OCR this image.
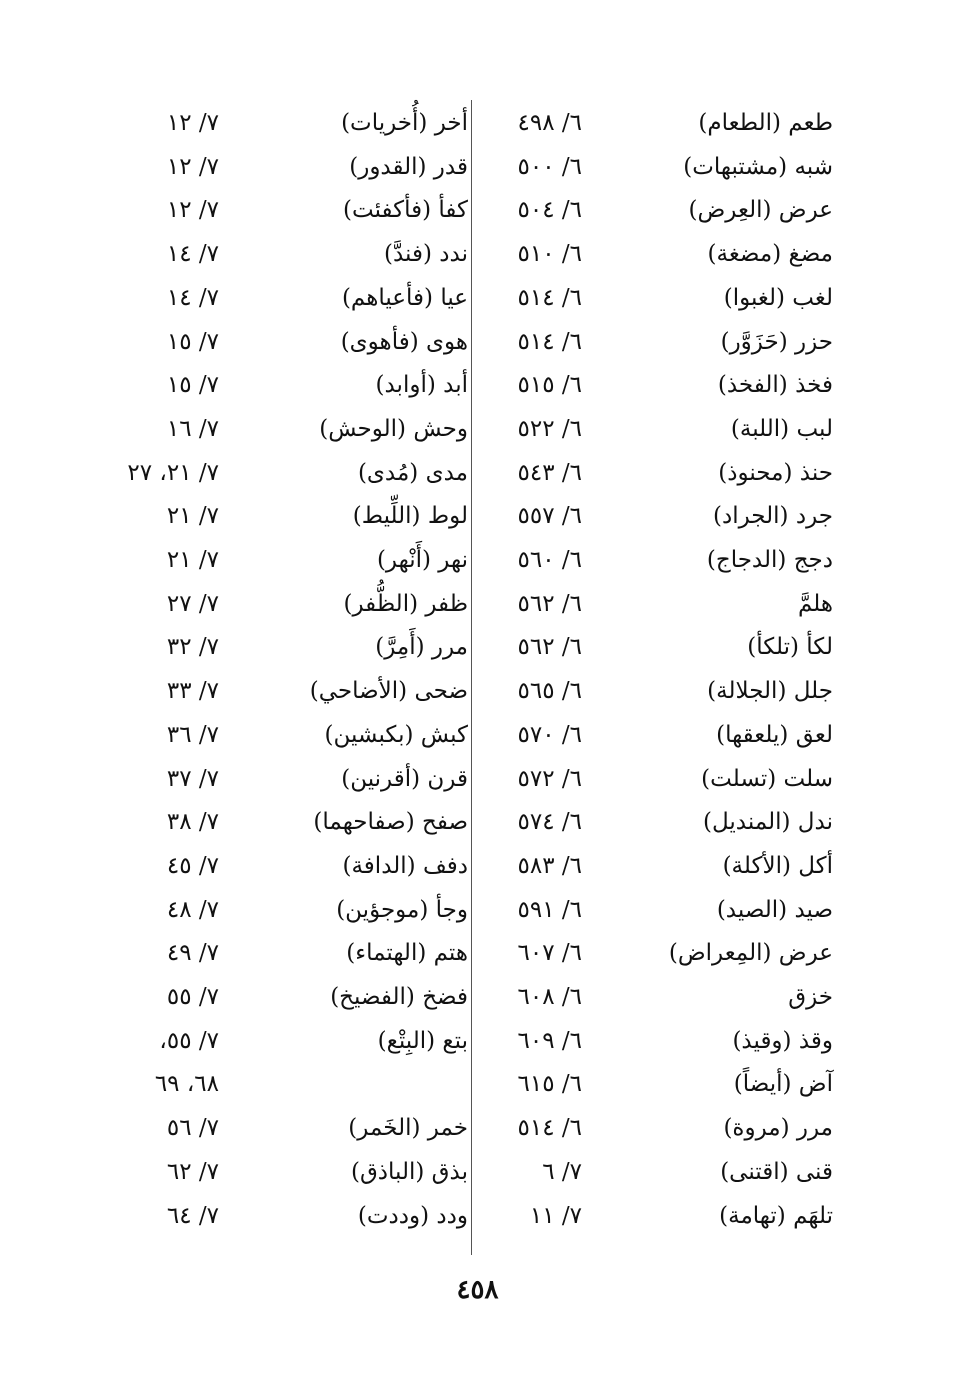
طعم (الطعام)
٦/ ٤٩٨
أخر (أُخريات)
٧/ ١٢
شبه (مشتبهات)
٦/ ٥٠٠
قدر (القدور)
٧/ ١٢
عرض (العِرض)
٦/ ٥٠٤
كفأ (فأكفئت)
٧/ ١٢
مضغ (مضغة)
٦/ ٥١٠
ندد (فندَّ)
٧/ ١٤
لغب (لغبوا)
٦/ ٥١٤
عيا (فأعياهم)
٧/ ١٤
حزر (حَزَوَّر)
٦/ ٥١٤
هوى (فأهوى)
٧/ ١٥
فخذ (الفخذ)
٦/ ٥١٥
أبد (أوابد)
٧/ ١٥
لبب (اللبة)
٦/ ٥٢٢
وحش (الوحش)
٧/ ١٦
حنذ (محنوذ)
٦/ ٥٤٣
مدى (مُدى)
٧/ ٢١، ٢٧
جرد (الجراد)
٦/ ٥٥٧
لوط (اللِّيط)
٧/ ٢١
دجج (الدجاج)
٦/ ٥٦٠
نهر (أَنْهر)
٧/ ٢١
هلمَّ
٦/ ٥٦٢
ظفر (الظُّفر)
٧/ ٢٧
لكأ (تلكأ)
٦/ ٥٦٢
مرر (أَمِرَّ)
٧/ ٣٢
جلل (الجلالة)
٦/ ٥٦٥
ضحى (الأضاحي)
٧/ ٣٣
لعق (يلعقها)
٦/ ٥٧٠
كبش (بكبشين)
٧/ ٣٦
سلت (تسلت)
٦/ ٥٧٢
قرن (أقرنين)
٧/ ٣٧
ندل (المنديل)
٦/ ٥٧٤
صفح (صفاحهما)
٧/ ٣٨
أكل (الأكلة)
٦/ ٥٨٣
دفف (الدافة)
٧/ ٤٥
صيد (الصيد)
٦/ ٥٩١
وجأ (موجؤين)
٧/ ٤٨
عرض (المِعراض)
٦/ ٦٠٧
هتم (الهتماء)
٧/ ٤٩
خزق
٦/ ٦٠٨
فضخ (الفضيخ)
٧/ ٥٥
وقذ (وقيذ)
٦/ ٦٠٩
بتع (البِتْع)
٧/ ٥٥،
آض (أيضاً)
٦/ ٦١٥
٦٨، ٦٩
مرر (مروة)
٦/ ٥١٤
خمر (الخَمر)
٧/ ٥٦
قنى (اقتنى)
٧/ ٦
بذق (الباذق)
٧/ ٦٢
تلهَم (تهامة)
٧/ ١١
ودد (وددت)
٧/ ٦٤
٤٥٨
